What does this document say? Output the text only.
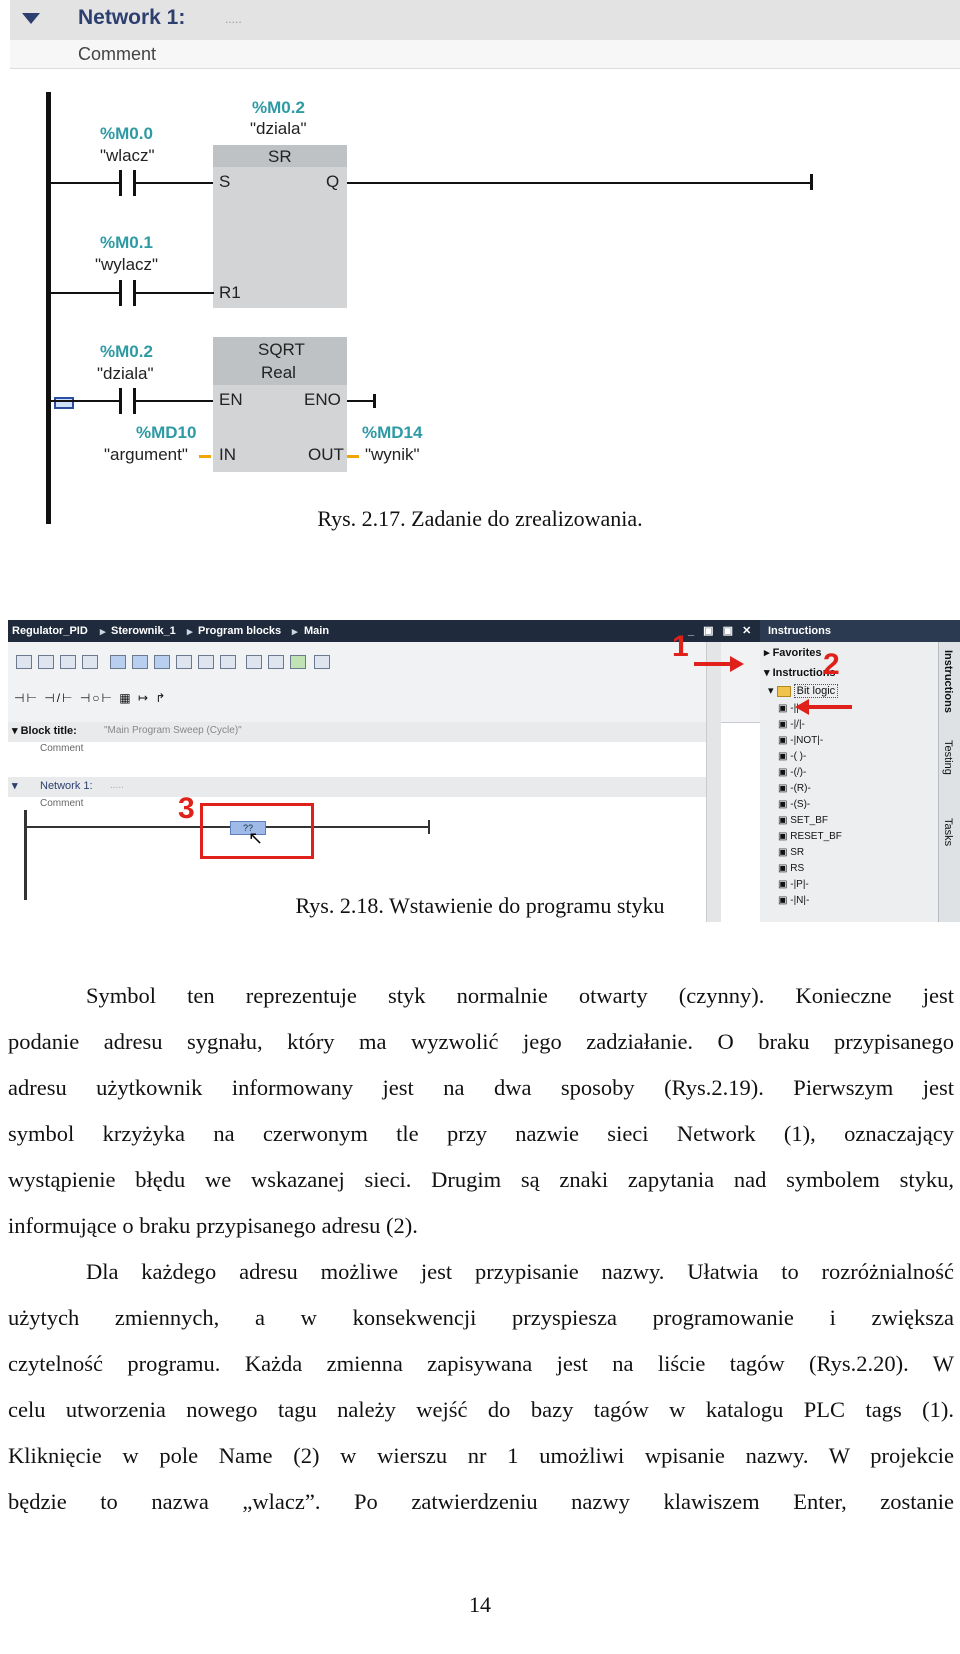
Network 1:	.....
Comment
%M0.0
"wlacz"
%M0.2
"dziala"
SR
S	Q
R1
%M0.1
"wylacz"
%M0.2
"dziala"
SQRT
Real
EN	ENO
IN	OUT
%MD10
"argument"
%MD14
"wynik"
Rys. 2.17. Zadanie do zrealizowania.
Regulator_PID ▸ Sterownik_1 ▸ Program blocks ▸ Main	_ ▣ ▣ ✕
⊣⊢ ⊣/⊢ ⊣○⊢ ▦ ↦ ↱
▾ Block title:	"Main Program Sweep (Cycle)"
Comment
▾ Network 1: .....
Comment
??
3
↖
Instructions
▸ Favorites
▾ Instructions
▾  Bit logic
▣ -||-
▣ -|/|-
▣ -|NOT|-
▣ -( )-
▣ -(/)-
▣ -(R)-
▣ -(S)-
▣ SET_BF
▣ RESET_BF
▣ SR
▣ RS
▣ -|P|-
▣ -|N|-
Instructions
Testing
Tasks
1
2
Rys. 2.18. Wstawienie do programu styku
Symbol ten reprezentuje styk normalnie otwarty (czynny). Konieczne jest
podanie adresu sygnału, który ma wyzwolić jego zadziałanie. O braku przypisanego
adresu użytkownik informowany jest na dwa sposoby (Rys.2.19). Pierwszym jest
symbol krzyżyka na czerwonym tle przy nazwie sieci Network (1), oznaczający
wystąpienie błędu we wskazanej sieci. Drugim są znaki zapytania nad symbolem styku,
informujące o braku przypisanego adresu (2).
Dla każdego adresu możliwe jest przypisanie nazwy. Ułatwia to rozróżnialność
użytych zmiennych, a w konsekwencji przyspiesza programowanie i zwiększa
czytelność programu. Każda zmienna zapisywana jest na liście tagów (Rys.2.20). W
celu utworzenia nowego tagu należy wejść do bazy tagów w katalogu PLC tags (1).
Kliknięcie w pole Name (2) w wierszu nr 1 umożliwi wpisanie nazwy. W projekcie
będzie to nazwa „wlacz”. Po zatwierdzeniu nazwy klawiszem Enter, zostanie
14
